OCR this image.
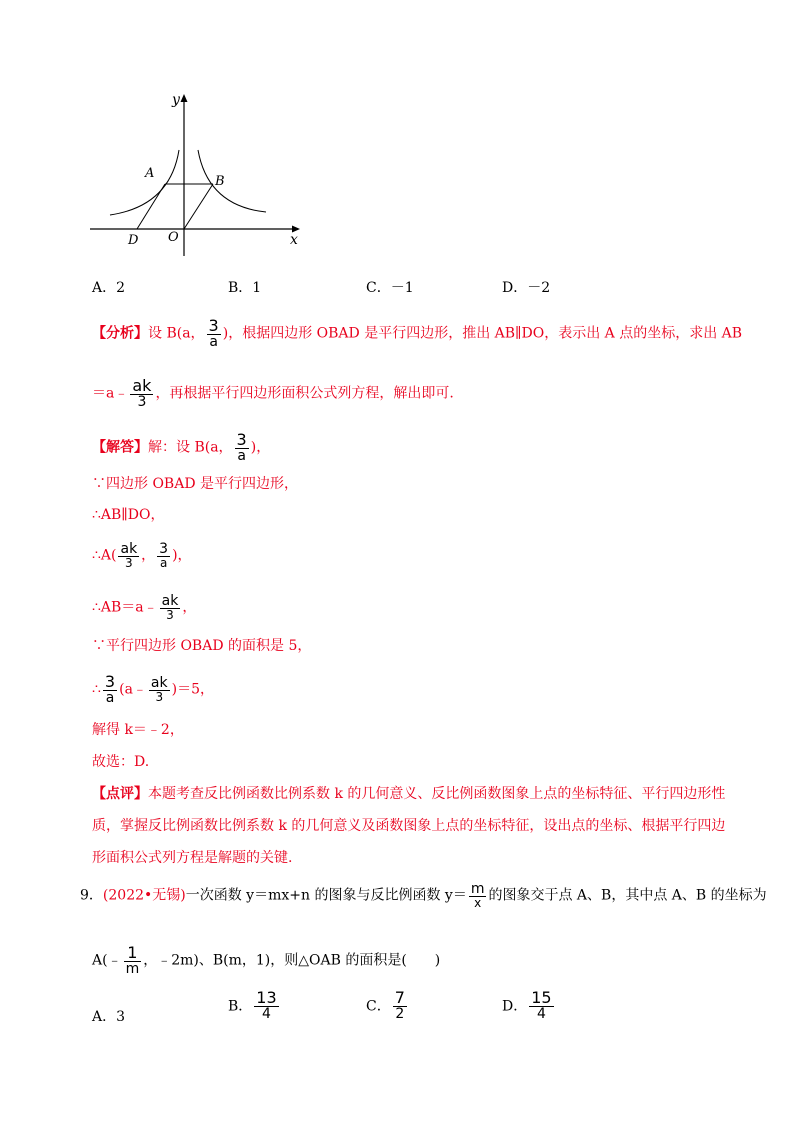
y
x
A
B
D O
A．2	B．1	C．－1	D．－2
【分析】设 B(a， $\frac{3}{a}$ )，根据四边形 OBAD 是平行四边形，推出 AB∥DO，表示出 A 点的坐标，求出 AB
＝a﹣ $\frac{ak}{3}$ ，再根据平行四边形面积公式列方程，解出即可.
【解答】解：设 B(a， $\frac{3}{a}$ )，
∵四边形 OBAD 是平行四边形，
∴AB∥DO，
∴A( $\frac{ak}{3}$ ， $\frac{3}{a}$ )，
∴AB＝a﹣ $\frac{ak}{3}$ ，
∵平行四边形 OBAD 的面积是 5，
∴ $\frac{3}{a}$ (a﹣ $\frac{ak}{3} )=5$，
解得 k＝﹣2，
故选：D.
【点评】本题考查反比例函数比例系数 k 的几何意义、反比例函数图象上点的坐标特征、平行四边形性
质，掌握反比例函数比例系数 k 的几何意义及函数图象上点的坐标特征，设出点的坐标、根据平行四边
形面积公式列方程是解题的关键.
9．(2022•无锡)一次函数 y＝mx+n 的图象与反比例函数 $y= \frac{m}{x}$ 的图象交于点 A、B，其中点 A、B 的坐标为
A(﹣ $\frac{1}{m}$ ，﹣2m)、B(m，1)，则△OAB 的面积是(　　)
A．3
B． $\frac{13}{4}$	C． $\frac{7}{2}$	D． $\frac{15}{4}$
